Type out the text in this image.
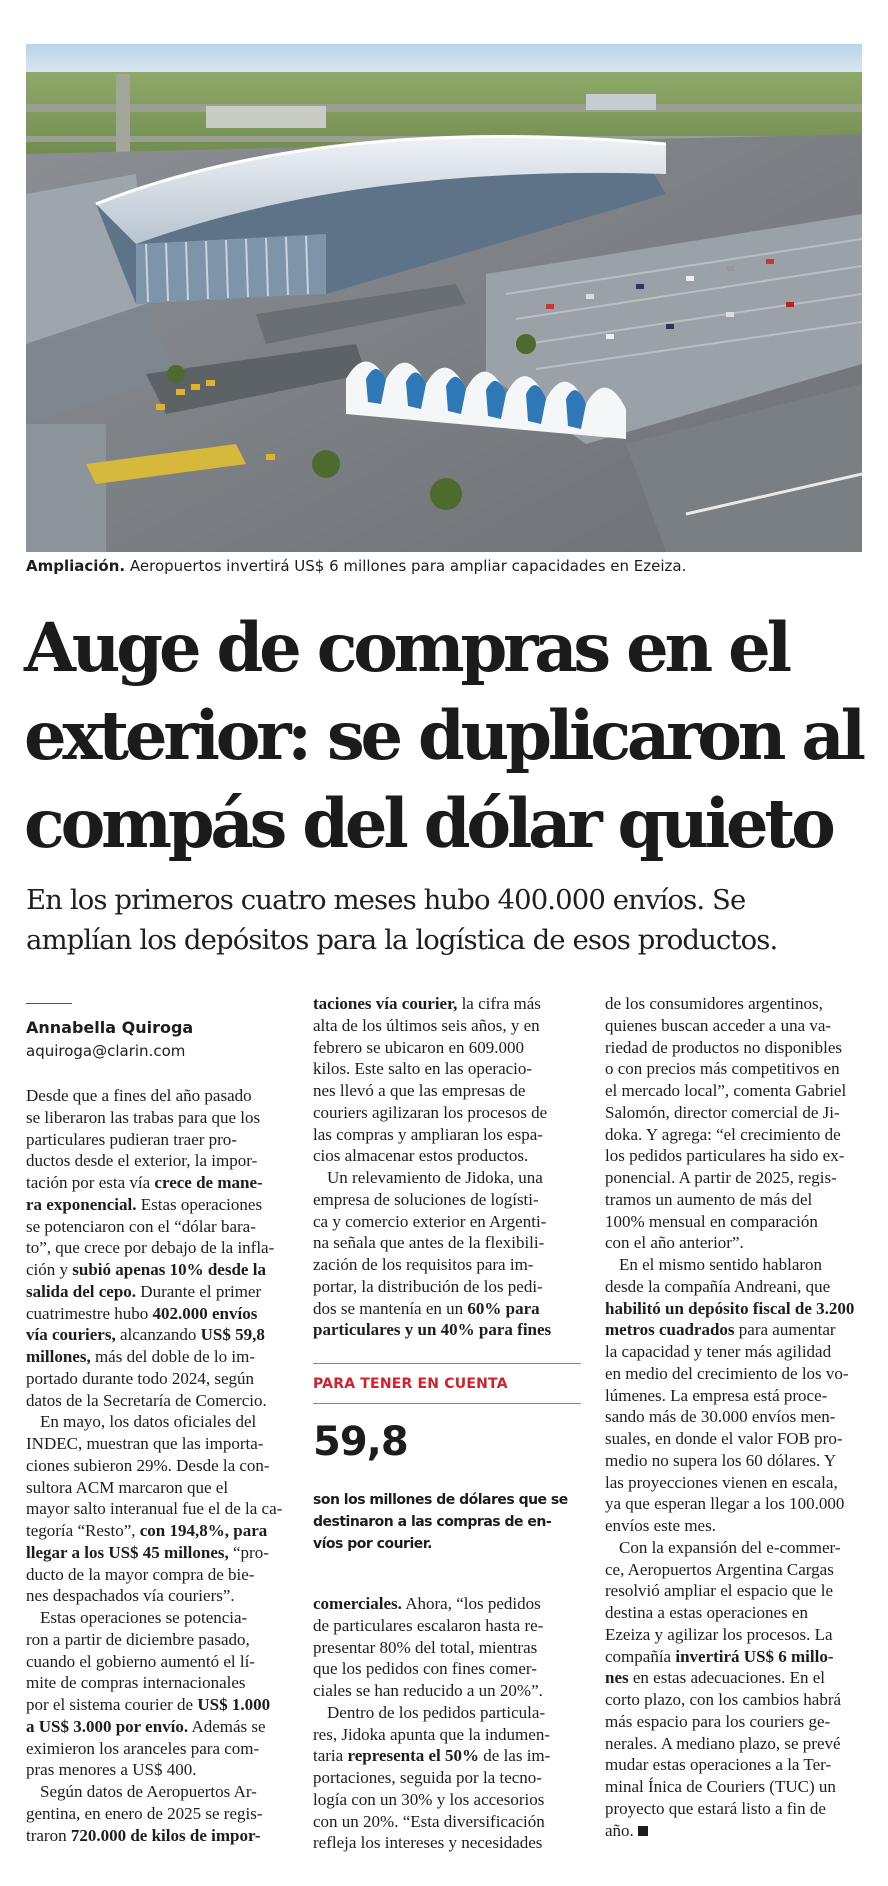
Ampliación. Aeropuertos invertirá US$ 6 millones para ampliar capacidades en Ezeiza.
Auge de compras en el
exterior: se duplicaron al
compás del dólar quieto
En los primeros cuatro meses hubo 400.000 envíos. Se
amplían los depósitos para la logística de esos productos.
Annabella Quiroga
aquiroga@clarin.com
Desde que a fines del año pasado
se liberaron las trabas para que los
particulares pudieran traer pro-
ductos desde el exterior, la impor-
tación por esta vía crece de mane-
ra exponencial. Estas operaciones
se potenciaron con el “dólar bara-
to”, que crece por debajo de la infla-
ción y subió apenas 10% desde la
salida del cepo. Durante el primer
cuatrimestre hubo 402.000 envíos
vía couriers, alcanzando US$ 59,8
millones, más del doble de lo im-
portado durante todo 2024, según
datos de la Secretaría de Comercio.
En mayo, los datos oficiales del
INDEC, muestran que las importa-
ciones subieron 29%. Desde la con-
sultora ACM marcaron que el
mayor salto interanual fue el de la ca-
tegoría “Resto”, con 194,8%, para
llegar a los US$ 45 millones, “pro-
ducto de la mayor compra de bie-
nes despachados vía couriers”.
Estas operaciones se potencia-
ron a partir de diciembre pasado,
cuando el gobierno aumentó el lí-
mite de compras internacionales
por el sistema courier de US$ 1.000
a US$ 3.000 por envío. Además se
eximieron los aranceles para com-
pras menores a US$ 400.
Según datos de Aeropuertos Ar-
gentina, en enero de 2025 se regis-
traron 720.000 de kilos de impor-
taciones vía courier, la cifra más
alta de los últimos seis años, y en
febrero se ubicaron en 609.000
kilos. Este salto en las operacio-
nes llevó a que las empresas de
couriers agilizaran los procesos de
las compras y ampliaran los espa-
cios almacenar estos productos.
Un relevamiento de Jidoka, una
empresa de soluciones de logísti-
ca y comercio exterior en Argenti-
na señala que antes de la flexibili-
zación de los requisitos para im-
portar, la distribución de los pedi-
dos se mantenía en un 60% para
particulares y un 40% para fines
PARA TENER EN CUENTA
59,8
son los millones de dólares que se
destinaron a las compras de en-
víos por courier.
comerciales. Ahora, “los pedidos
de particulares escalaron hasta re-
presentar 80% del total, mientras
que los pedidos con fines comer-
ciales se han reducido a un 20%”.
Dentro de los pedidos particula-
res, Jidoka apunta que la indumen-
taria representa el 50% de las im-
portaciones, seguida por la tecno-
logía con un 30% y los accesorios
con un 20%. “Esta diversificación
refleja los intereses y necesidades
de los consumidores argentinos,
quienes buscan acceder a una va-
riedad de productos no disponibles
o con precios más competitivos en
el mercado local”, comenta Gabriel
Salomón, director comercial de Ji-
doka. Y agrega: “el crecimiento de
los pedidos particulares ha sido ex-
ponencial. A partir de 2025, regis-
tramos un aumento de más del
100% mensual en comparación
con el año anterior”.
En el mismo sentido hablaron
desde la compañía Andreani, que
habilitó un depósito fiscal de 3.200
metros cuadrados para aumentar
la capacidad y tener más agilidad
en medio del crecimiento de los vo-
lúmenes. La empresa está proce-
sando más de 30.000 envíos men-
suales, en donde el valor FOB pro-
medio no supera los 60 dólares. Y
las proyecciones vienen en escala,
ya que esperan llegar a los 100.000
envíos este mes.
Con la expansión del e-commer-
ce, Aeropuertos Argentina Cargas
resolvió ampliar el espacio que le
destina a estas operaciones en
Ezeiza y agilizar los procesos. La
compañía invertirá US$ 6 millo-
nes en estas adecuaciones. En el
corto plazo, con los cambios habrá
más espacio para los couriers ge-
nerales. A mediano plazo, se prevé
mudar estas operaciones a la Ter-
minal Ínica de Couriers (TUC) un
proyecto que estará listo a fin de
año.
